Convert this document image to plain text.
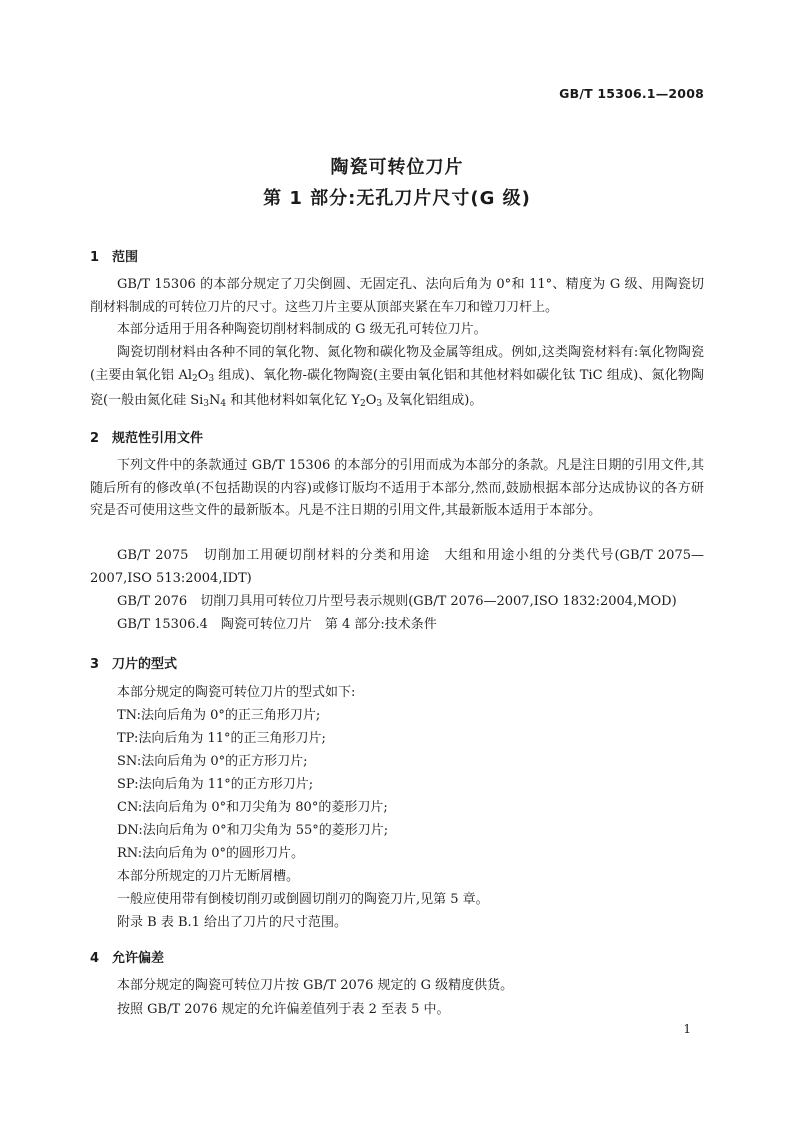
GB/T 15306.1—2008
陶瓷可转位刀片
第 1 部分:无孔刀片尺寸(G 级)
1 范围

GB/T 15306 的本部分规定了刀尖倒圆、无固定孔、法向后角为 0°和 11°、精度为 G 级、用陶瓷切削材料制成的可转位刀片的尺寸。这些刀片主要从顶部夹紧在车刀和镗刀刀杆上。

本部分适用于用各种陶瓷切削材料制成的 G 级无孔可转位刀片。

陶瓷切削材料由各种不同的氧化物、氮化物和碳化物及金属等组成。例如,这类陶瓷材料有:氧化物陶瓷(主要由氧化铝 $Al_2O_3$ 组成)、氧化物-碳化物陶瓷(主要由氧化铝和其他材料如碳化钛 TiC 组成)、氮化物陶瓷(一般由氮化硅 $Si_3N_4$ 和其他材料如氧化钇 $Y_2O_3$ 及氧化铝组成)。

2 规范性引用文件

下列文件中的条款通过 GB/T 15306 的本部分的引用而成为本部分的条款。凡是注日期的引用文件,其随后所有的修改单(不包括勘误的内容)或修订版均不适用于本部分,然而,鼓励根据本部分达成协议的各方研究是否可使用这些文件的最新版本。凡是不注日期的引用文件,其最新版本适用于本部分。

GB/T 2075　切削加工用硬切削材料的分类和用途　大组和用途小组的分类代号(GB/T 2075—2007,ISO 513:2004,IDT)

GB/T 2076　切削刀具用可转位刀片型号表示规则(GB/T 2076—2007,ISO 1832:2004,MOD)

GB/T 15306.4　陶瓷可转位刀片　第 4 部分:技术条件

3 刀片的型式
本部分规定的陶瓷可转位刀片的型式如下:
TN:法向后角为 0°的正三角形刀片;
TP:法向后角为 11°的正三角形刀片;
SN:法向后角为 0°的正方形刀片;
SP:法向后角为 11°的正方形刀片;
CN:法向后角为 0°和刀尖角为 80°的菱形刀片;
DN:法向后角为 0°和刀尖角为 55°的菱形刀片;
RN:法向后角为 0°的圆形刀片。
本部分所规定的刀片无断屑槽。
一般应使用带有倒棱切削刃或倒圆切削刃的陶瓷刀片,见第 5 章。
附录 B 表 B.1 给出了刀片的尺寸范围。
4 允许偏差
本部分规定的陶瓷可转位刀片按 GB/T 2076 规定的 G 级精度供货。
按照 GB/T 2076 规定的允许偏差值列于表 2 至表 5 中。
1
